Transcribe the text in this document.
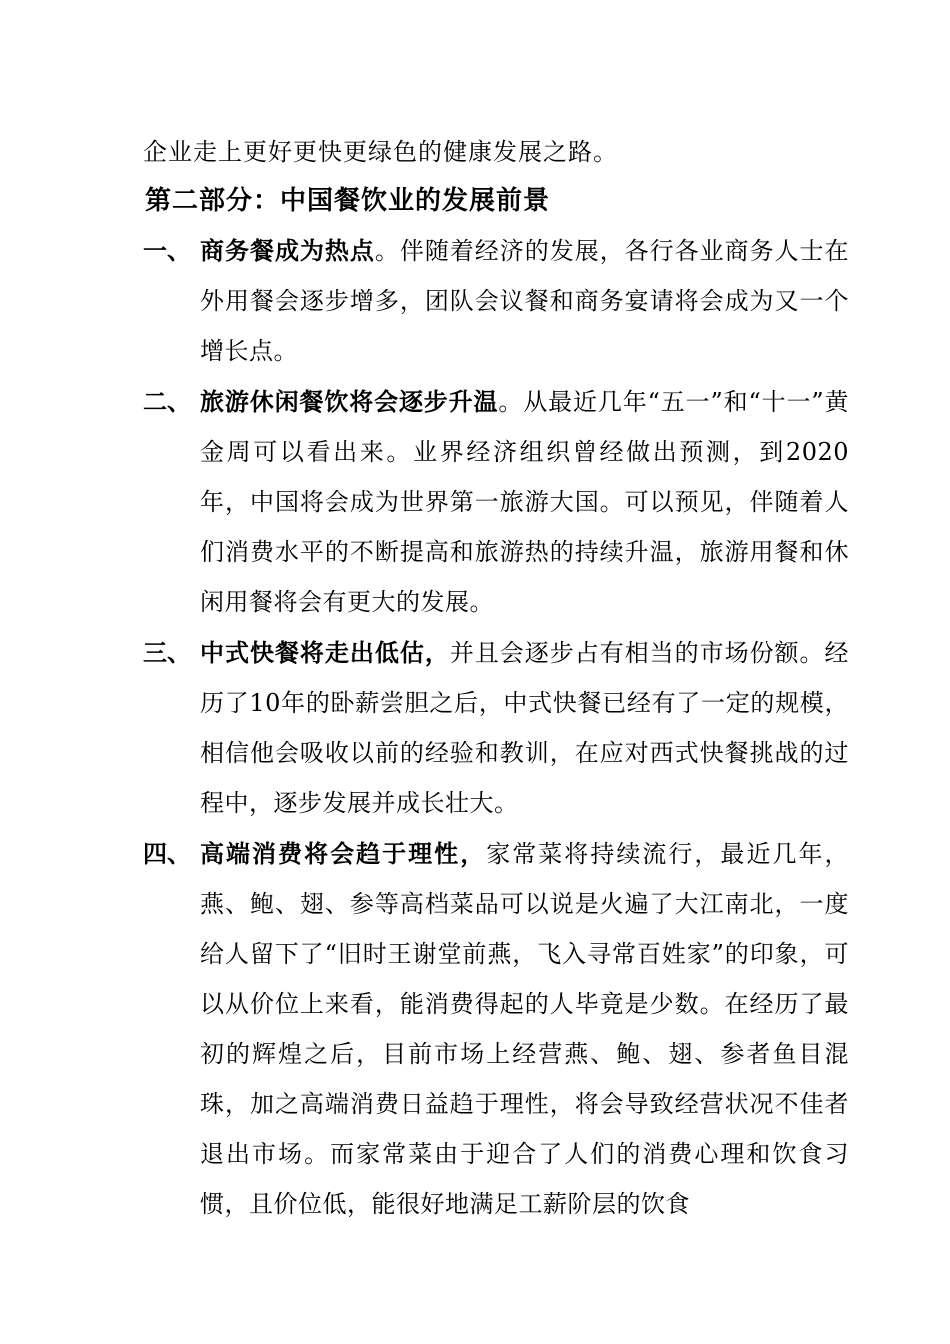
企业走上更好更快更绿色的健康发展之路。
第二部分：中国餐饮业的发展前景
一、 商务餐成为热点。伴随着经济的发展，各行各业商务人士在外用餐会逐步增多，团队会议餐和商务宴请将会成为又一个增长点。
二、 旅游休闲餐饮将会逐步升温。从最近几年“五一”和“十一”黄金周可以看出来。业界经济组织曾经做出预测，到2020年，中国将会成为世界第一旅游大国。可以预见，伴随着人们消费水平的不断提高和旅游热的持续升温，旅游用餐和休闲用餐将会有更大的发展。
三、 中式快餐将走出低估，并且会逐步占有相当的市场份额。经历了10年的卧薪尝胆之后，中式快餐已经有了一定的规模，相信他会吸收以前的经验和教训，在应对西式快餐挑战的过程中，逐步发展并成长壮大。
四、 高端消费将会趋于理性，家常菜将持续流行，最近几年，燕、鲍、翅、参等高档菜品可以说是火遍了大江南北，一度给人留下了“旧时王谢堂前燕，飞入寻常百姓家”的印象，可以从价位上来看，能消费得起的人毕竟是少数。在经历了最初的辉煌之后，目前市场上经营燕、鲍、翅、参者鱼目混珠，加之高端消费日益趋于理性，将会导致经营状况不佳者退出市场。而家常菜由于迎合了人们的消费心理和饮食习惯，且价位低，能很好地满足工薪阶层的饮食
